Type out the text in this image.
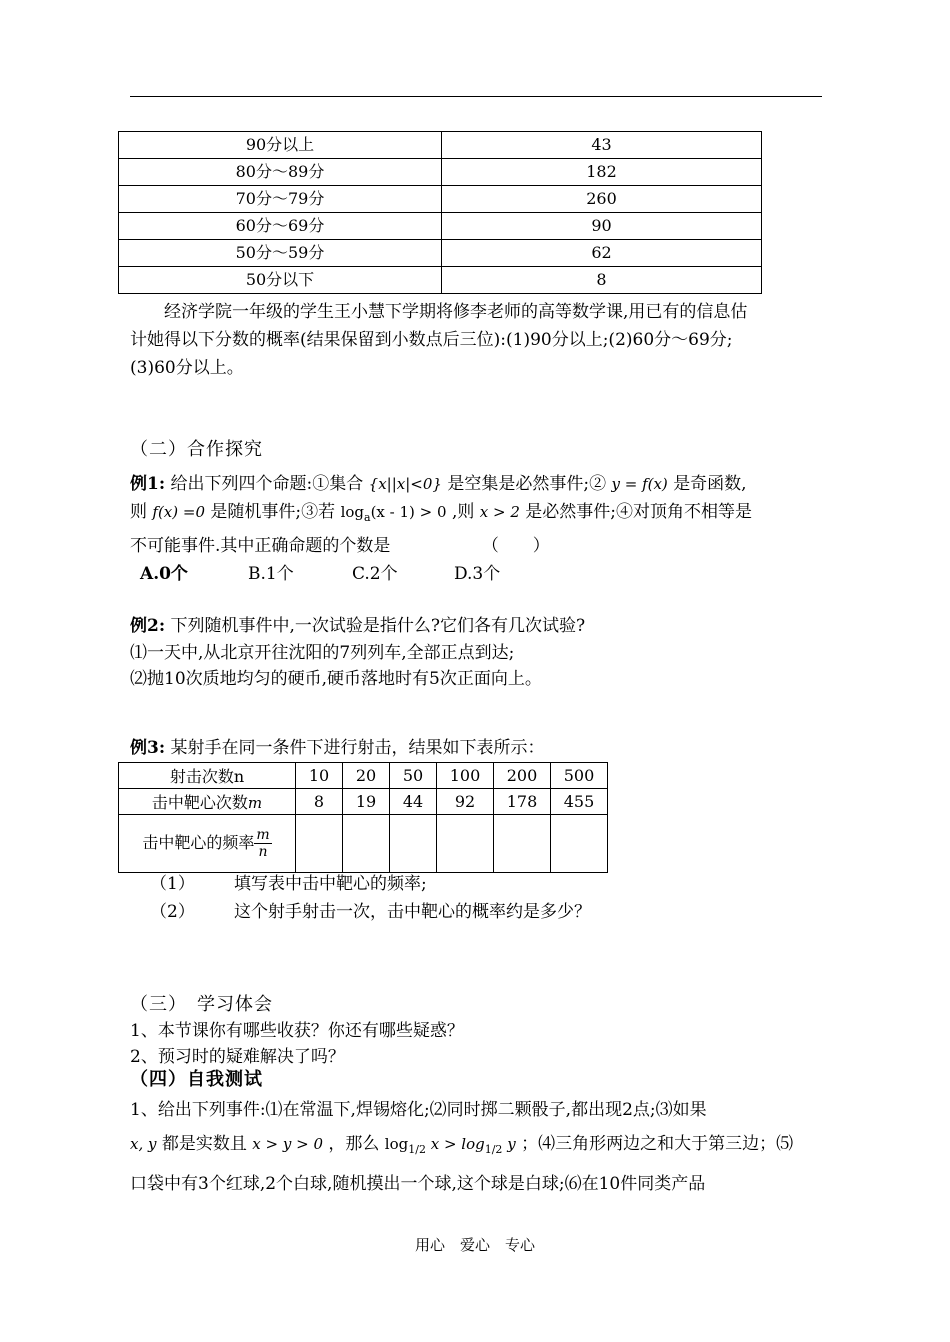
90分以上	43
80分～89分	182
70分～79分	260
60分～69分	90
50分～59分	62
50分以下	8
经济学院一年级的学生王小慧下学期将修李老师的高等数学课,用已有的信息估
计她得以下分数的概率(结果保留到小数点后三位):(1)90分以上;(2)60分～69分;
(3)60分以上。
（二）合作探究
例1: 给出下列四个命题:①集合 {x||x|<0} 是空集是必然事件;② y = f(x) 是奇函数,
则 f(x) =0 是随机事件;③若 $\log_a(x - 1) > 0$ ,则 x > 2 是必然事件;④对顶角不相等是
不可能事件.其中正确命题的个数是	（　　）
A.0个	B.1个	C.2个	D.3个
例2: 下列随机事件中,一次试验是指什么?它们各有几次试验?
⑴一天中,从北京开往沈阳的7列列车,全部正点到达;
⑵抛10次质地均匀的硬币,硬币落地时有5次正面向上。
例3: 某射手在同一条件下进行射击，结果如下表所示：
射击次数n	10	20	50	100	200	500
击中靶心次数m	8	19	44	92	178	455
击中靶心的频率 $\frac{m}{n}$

（1） 填写表中击中靶心的频率;
（2） 这个射手射击一次，击中靶心的概率约是多少？
（三）　学习体会
1、本节课你有哪些收获？你还有哪些疑惑？
2、预习时的疑难解决了吗？
（四）自我测试
1、给出下列事件:⑴在常温下,焊锡熔化;⑵同时掷二颗骰子,都出现2点;⑶如果
x, y 都是实数且 x > y > 0 ，那么 $\log_{1/2} x > \log_{1/2} y$ ；⑷三角形两边之和大于第三边；⑸
口袋中有3个红球,2个白球,随机摸出一个球,这个球是白球;⑹在10件同类产品
用心　爱心　专心
